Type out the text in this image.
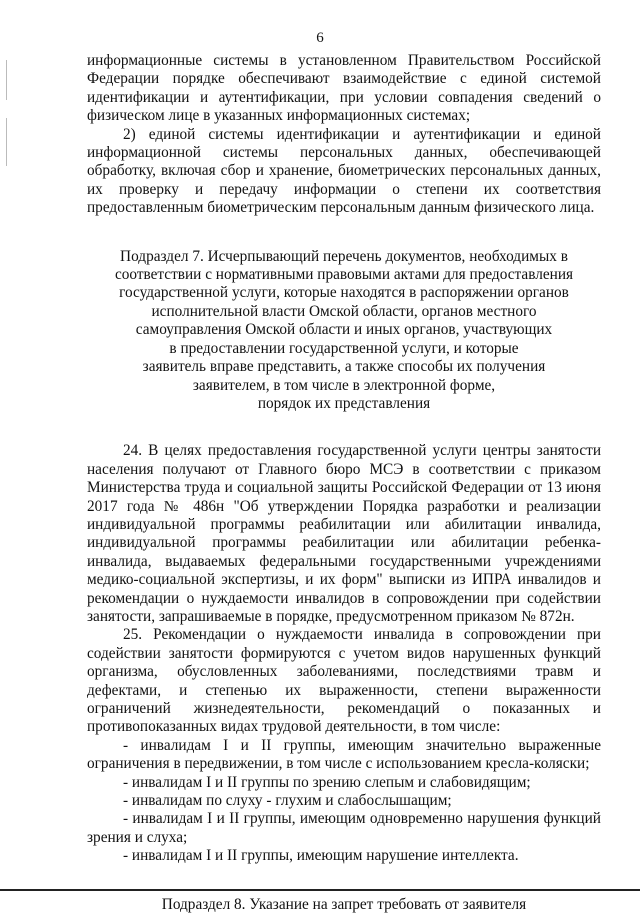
6

информационные системы в установленном Правительством Российской Федерации порядке обеспечивают взаимодействие с единой системой идентификации и аутентификации, при условии совпадения сведений о физическом лице в указанных информационных системах;

2) единой системы идентификации и аутентификации и единой информационной системы персональных данных, обеспечивающей обработку, включая сбор и хранение, биометрических персональных данных, их проверку и передачу информации о степени их соответствия предоставленным биометрическим персональным данным физического лица.

Подраздел 7. Исчерпывающий перечень документов, необходимых в
соответствии с нормативными правовыми актами для предоставления
государственной услуги, которые находятся в распоряжении органов
исполнительной власти Омской области, органов местного
самоуправления Омской области и иных органов, участвующих
в предоставлении государственной услуги, и которые
заявитель вправе представить, а также способы их получения
заявителем, в том числе в электронной форме,
порядок их представления

24. В целях предоставления государственной услуги центры занятости населения получают от Главного бюро МСЭ в соответствии с приказом Министерства труда и социальной защиты Российской Федерации от 13 июня 2017 года № 486н "Об утверждении Порядка разработки и реализации индивидуальной программы реабилитации или абилитации инвалида, индивидуальной программы реабилитации или абилитации ребенка-инвалида, выдаваемых федеральными государственными учреждениями медико-социальной экспертизы, и их форм" выписки из ИПРА инвалидов и рекомендации о нуждаемости инвалидов в сопровождении при содействии занятости, запрашиваемые в порядке, предусмотренном приказом № 872н.

25. Рекомендации о нуждаемости инвалида в сопровождении при содействии занятости формируются с учетом видов нарушенных функций организма, обусловленных заболеваниями, последствиями травм и дефектами, и степенью их выраженности, степени выраженности ограничений жизнедеятельности, рекомендаций о показанных и противопоказанных видах трудовой деятельности, в том числе:

- инвалидам I и II группы, имеющим значительно выраженные ограничения в передвижении, в том числе с использованием кресла-коляски;

- инвалидам I и II группы по зрению слепым и слабовидящим;

- инвалидам по слуху - глухим и слабослышащим;

- инвалидам I и II группы, имеющим одновременно нарушения функций зрения и слуха;

- инвалидам I и II группы, имеющим нарушение интеллекта.

Подраздел 8. Указание на запрет требовать от заявителя
